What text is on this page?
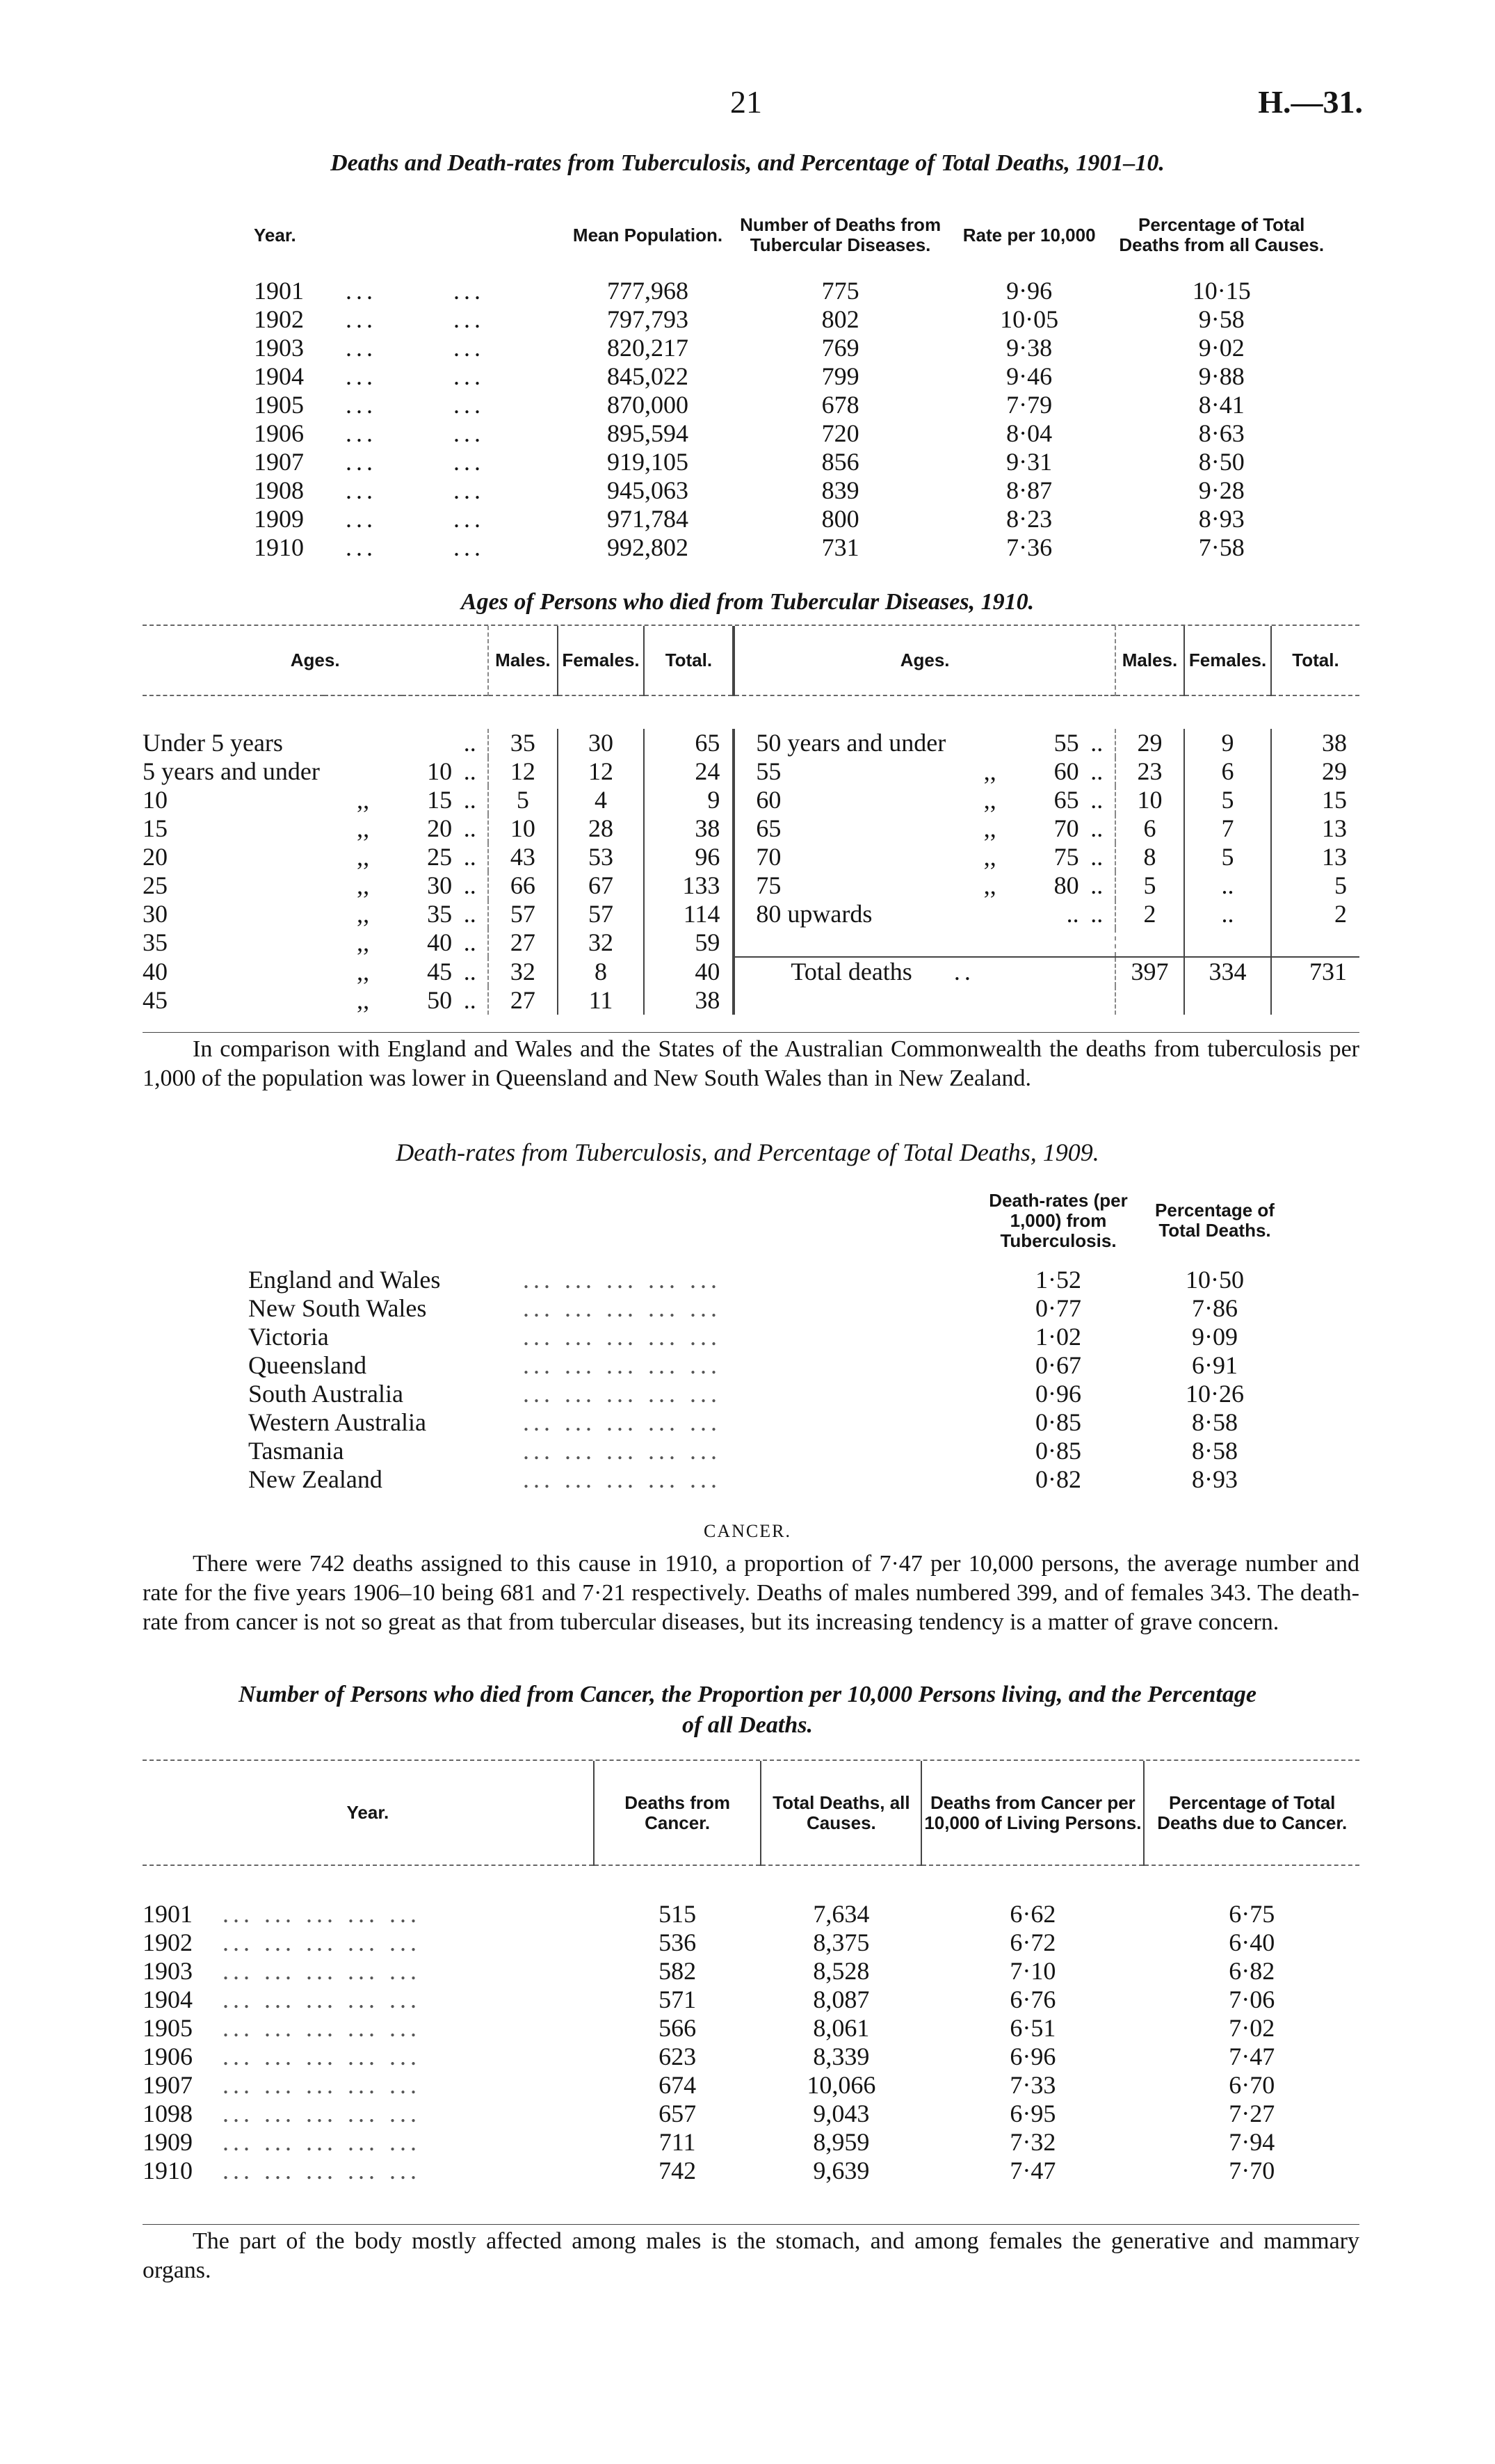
21	H.—31.
Deaths and Death-rates from Tuberculosis, and Percentage of Total Deaths, 1901–10.
Year.	Mean Population.	Number of Deaths from Tubercular Diseases.	Rate per 10,000	Percentage of Total Deaths from all Causes.
1901 ... ...	777,968	775	9·96	10·15
1902 ... ...	797,793	802	10·05	9·58
1903 ... ...	820,217	769	9·38	9·02
1904 ... ...	845,022	799	9·46	9·88
1905 ... ...	870,000	678	7·79	8·41
1906 ... ...	895,594	720	8·04	8·63
1907 ... ...	919,105	856	9·31	8·50
1908 ... ...	945,063	839	8·87	9·28
1909 ... ...	971,784	800	8·23	8·93
1910 ... ...	992,802	731	7·36	7·58
Ages of Persons who died from Tubercular Diseases, 1910.
Ages.				Males.	Females.	Total.	Ages.				Males.	Females.	Total.

Under 5 years			..	35	30	65	50 years and under		55	..	29	9	38
5 years and under		10	..	12	12	24	55	,,	60	..	23	6	29
10	,,	15	..	5	4	9	60	,,	65	..	10	5	15
15	,,	20	..	10	28	38	65	,,	70	..	6	7	13
20	,,	25	..	43	53	96	70	,,	75	..	8	5	13
25	,,	30	..	66	67	133	75	,,	80	..	5	..	5
30	,,	35	..	57	57	114	80 upwards		..	..	2	..	2
35	,,	40	..	27	32	59							
40	,,	45	..	32	8	40	Total deaths ..				397	334	731
45	,,	50	..	27	11	38							
In comparison with England and Wales and the States of the Australian Commonwealth the deaths from tuberculosis per 1,000 of the population was lower in Queensland and New South Wales than in New Zealand.
Death-rates from Tuberculosis, and Percentage of Total Deaths, 1909.
	Death-rates (per 1,000) from Tuberculosis.	Percentage of Total Deaths.
England and Wales ... ... ... ... ...	1·52	10·50
New South Wales ... ... ... ... ...	0·77	7·86
Victoria ... ... ... ... ...	1·02	9·09
Queensland ... ... ... ... ...	0·67	6·91
South Australia ... ... ... ... ...	0·96	10·26
Western Australia ... ... ... ... ...	0·85	8·58
Tasmania ... ... ... ... ...	0·85	8·58
New Zealand ... ... ... ... ...	0·82	8·93
CANCER.
There were 742 deaths assigned to this cause in 1910, a proportion of 7·47 per 10,000 persons, the average number and rate for the five years 1906–10 being 681 and 7·21 respectively. Deaths of males numbered 399, and of females 343. The death-rate from cancer is not so great as that from tubercular diseases, but its increasing tendency is a matter of grave concern.
Number of Persons who died from Cancer, the Proportion per 10,000 Persons living, and the Percentage
of all Deaths.
Year.	Deaths from Cancer.	Total Deaths, all Causes.	Deaths from Cancer per 10,000 of Living Persons.	Percentage of Total Deaths due to Cancer.

1901 ... ... ... ... ...	515	7,634	6·62	6·75
1902 ... ... ... ... ...	536	8,375	6·72	6·40
1903 ... ... ... ... ...	582	8,528	7·10	6·82
1904 ... ... ... ... ...	571	8,087	6·76	7·06
1905 ... ... ... ... ...	566	8,061	6·51	7·02
1906 ... ... ... ... ...	623	8,339	6·96	7·47
1907 ... ... ... ... ...	674	10,066	7·33	6·70
1098 ... ... ... ... ...	657	9,043	6·95	7·27
1909 ... ... ... ... ...	711	8,959	7·32	7·94
1910 ... ... ... ... ...	742	9,639	7·47	7·70
The part of the body mostly affected among males is the stomach, and among females the generative and mammary organs.
